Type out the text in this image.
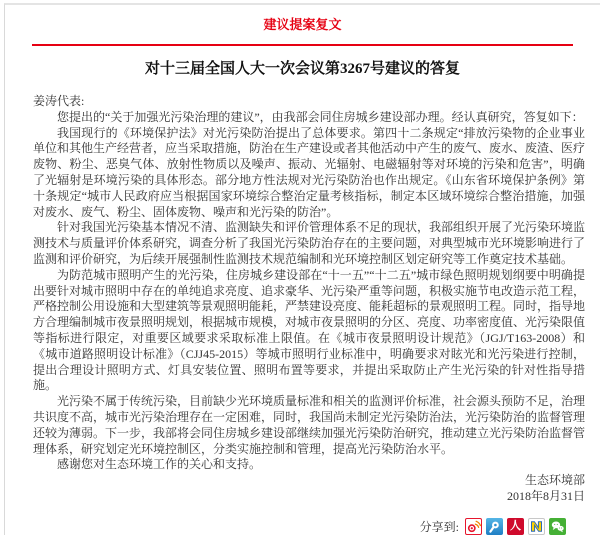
建议提案复文
对十三届全国人大一次会议第3267号建议的答复

姜涛代表:

您提出的“关于加强光污染治理的建议”，由我部会同住房城乡建设部办理。经认真研究，答复如下：

我国现行的《环境保护法》对光污染防治提出了总体要求。第四十二条规定“排放污染物的企业事业单位和其他生产经营者，应当采取措施，防治在生产建设或者其他活动中产生的废气、废水、废渣、医疗废物、粉尘、恶臭气体、放射性物质以及噪声、振动、光辐射、电磁辐射等对环境的污染和危害”，明确了光辐射是环境污染的具体形态。部分地方性法规对光污染防治也作出规定。《山东省环境保护条例》第十条规定“城市人民政府应当根据国家环境综合整治定量考核指标，制定本区域环境综合整治措施，加强对废水、废气、粉尘、固体废物、噪声和光污染的防治”。

针对我国光污染基本情况不清、监测缺失和评价管理体系不足的现状，我部组织开展了光污染环境监测技术与质量评价体系研究，调查分析了我国光污染防治存在的主要问题，对典型城市光环境影响进行了监测和评价研究，为后续开展强制性监测技术规范编制和光环境控制区划定研究等工作奠定技术基础。

为防范城市照明产生的光污染，住房城乡建设部在“十一五”“十二五”城市绿色照明规划纲要中明确提出要针对城市照明中存在的单纯追求亮度、追求豪华、光污染严重等问题，积极实施节电改造示范工程，严格控制公用设施和大型建筑等景观照明能耗，严禁建设亮度、能耗超标的景观照明工程。同时，指导地方合理编制城市夜景照明规划，根据城市规模，对城市夜景照明的分区、亮度、功率密度值、光污染限值等指标进行限定，对重要区域要求采取标准上限值。在《城市夜景照明设计规范》（JGJ/T163-2008）和《城市道路照明设计标准》（CJJ45-2015）等城市照明行业标准中，明确要求对眩光和光污染进行控制，提出合理设计照明方式、灯具安装位置、照明布置等要求，并提出采取防止产生光污染的针对性指导措施。

光污染不属于传统污染，目前缺少光环境质量标准和相关的监测评价标准，社会源头预防不足，治理共识度不高，城市光污染治理存在一定困难，同时，我国尚未制定光污染防治法，光污染防治的监督管理还较为薄弱。下一步，我部将会同住房城乡建设部继续加强光污染防治研究，推动建立光污染防治监督管理体系，研究划定光环境控制区，分类实施控制和管理，提高光污染防治水平。

感谢您对生态环境工作的关心和支持。

生态环境部

2018年8月31日

分享到:	人
